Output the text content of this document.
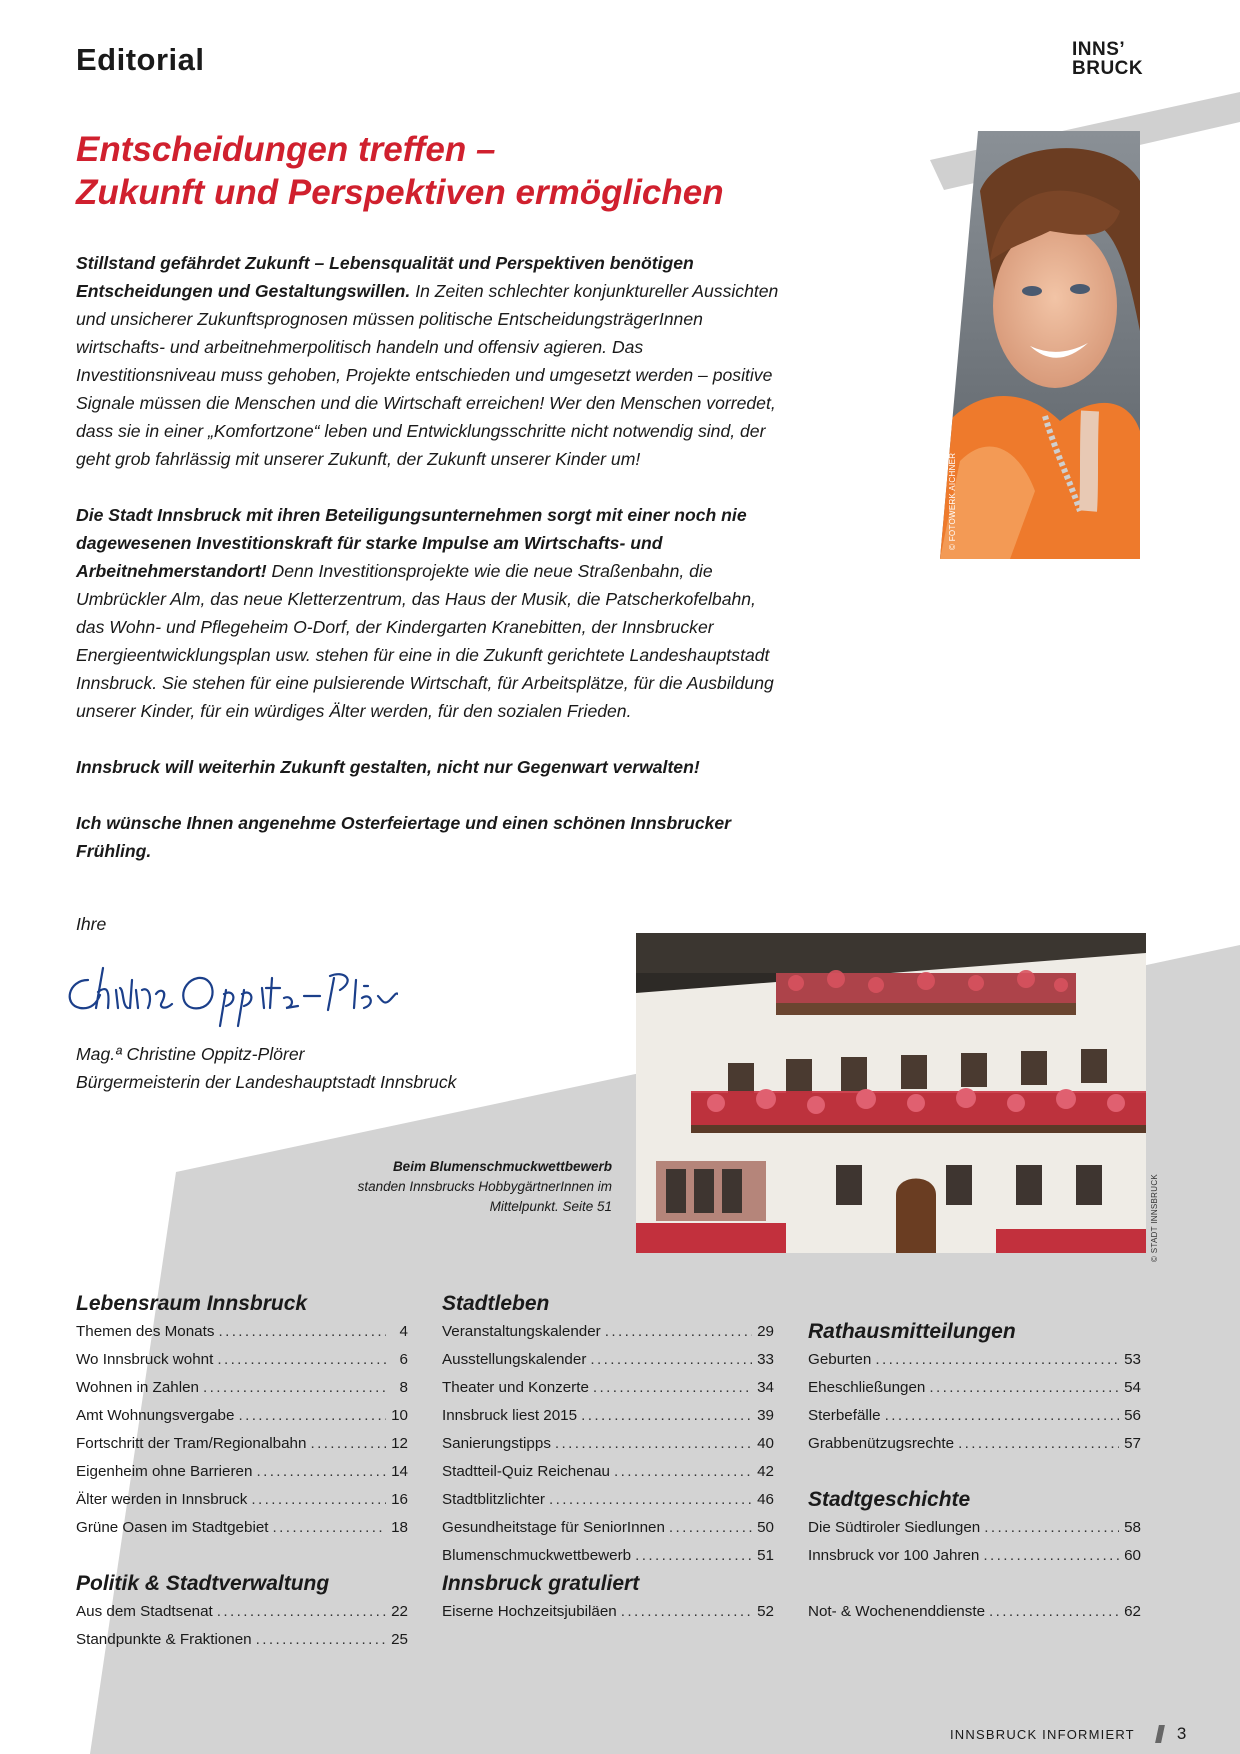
Editorial	INNS’
BRUCK
Entscheidungen treffen –
Zukunft und Perspektiven ermöglichen

Stillstand gefährdet Zukunft – Lebensqualität und Perspektiven benötigen Entscheidungen und Gestaltungswillen. In Zeiten schlechter konjunktureller Aussichten und unsicherer Zukunftsprognosen müssen politische EntscheidungsträgerInnen wirtschafts- und arbeitnehmerpolitisch handeln und offensiv agieren. Das Investitionsniveau muss gehoben, Projekte entschieden und umgesetzt werden – positive Signale müssen die Menschen und die Wirtschaft erreichen! Wer den Menschen vorredet, dass sie in einer „Komfortzone“ leben und Entwicklungsschritte nicht notwendig sind, der geht grob fahrlässig mit unserer Zukunft, der Zukunft unserer Kinder um!

Die Stadt Innsbruck mit ihren Beteiligungsunternehmen sorgt mit einer noch nie dagewesenen Investitionskraft für starke Impulse am Wirtschafts- und Arbeitnehmerstandort! Denn Investitionsprojekte wie die neue Straßenbahn, die Umbrückler Alm, das neue Kletterzentrum, das Haus der Musik, die Patscherkofelbahn, das Wohn- und Pflegeheim O-Dorf, der Kindergarten Kranebitten, der Innsbrucker Energieentwicklungsplan usw. stehen für eine in die Zukunft gerichtete Landeshauptstadt Innsbruck. Sie stehen für eine pulsierende Wirtschaft, für Arbeitsplätze, für die Ausbildung unserer Kinder, für ein würdiges Älter werden, für den sozialen Frieden.

Innsbruck will weiterhin Zukunft gestalten, nicht nur Gegenwart verwalten!

Ich wünsche Ihnen angenehme Osterfeiertage und einen schönen Innsbrucker Frühling.

© FOTOWERK AICHNER
Ihre
Mag.ª Christine Oppitz-Plörer
Bürgermeisterin der Landeshauptstadt Innsbruck
Beim Blumenschmuckwettbewerb
standen Innsbrucks HobbygärtnerInnen im Mittelpunkt. Seite 51	© STADT INNSBRUCK
Lebensraum Innsbruck
Themen des Monats .....	4
Wo Innsbruck wohnt .....	6
Wohnen in Zahlen .....	8
Amt Wohnungsvergabe .....	10
Fortschritt der Tram/Regionalbahn .....	12
Eigenheim ohne Barrieren .....	14
Älter werden in Innsbruck .....	16
Grüne Oasen im Stadtgebiet .....	18
Politik & Stadtverwaltung
Aus dem Stadtsenat .....	22
Standpunkte & Fraktionen .....	25
Stadtleben
Veranstaltungskalender .....	29
Ausstellungskalender .....	33
Theater und Konzerte .....	34
Innsbruck liest 2015 .....	39
Sanierungstipps .....	40
Stadtteil-Quiz Reichenau .....	42
Stadtblitzlichter .....	46
Gesundheitstage für SeniorInnen .....	50
Blumenschmuckwettbewerb .....	51
Innsbruck gratuliert
Eiserne Hochzeitsjubiläen .....	52
Rathausmitteilungen
Geburten .....	53
Eheschließungen .....	54
Sterbefälle .....	56
Grabbenützugsrechte .....	57
Stadtgeschichte
Die Südtiroler Siedlungen .....	58
Innsbruck vor 100 Jahren .....	60
Not- & Wochenenddienste .....	62
INNSBRUCK INFORMIERT 3
